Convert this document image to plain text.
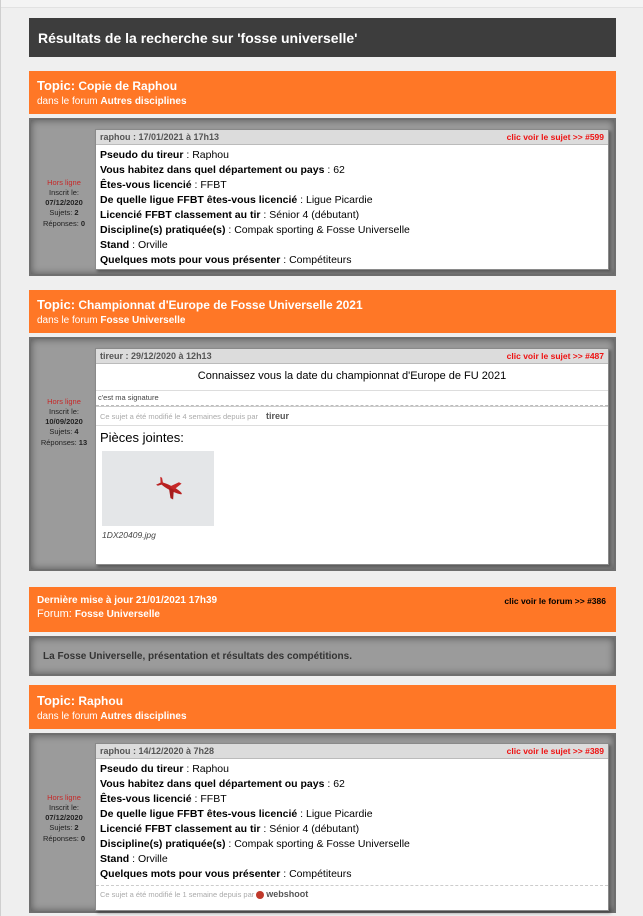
Résultats de la recherche sur 'fosse universelle'
Topic: Copie de Raphou
dans le forum Autres disciplines
Hors ligne
Inscrit le:
07/12/2020
Sujets: 2
Réponses: 0
raphou : 17/01/2021 à 17h13	clic voir le sujet >> #599
Pseudo du tireur : Raphou
Vous habitez dans quel département ou pays : 62
Êtes-vous licencié : FFBT
De quelle ligue FFBT êtes-vous licencié : Ligue Picardie
Licencié FFBT classement au tir : Sénior 4 (débutant)
Discipline(s) pratiquée(s) : Compak sporting & Fosse Universelle
Stand : Orville
Quelques mots pour vous présenter : Compétiteurs
Topic: Championnat d'Europe de Fosse Universelle 2021
dans le forum Fosse Universelle
Hors ligne
Inscrit le:
10/09/2020
Sujets: 4
Réponses: 13
tireur : 29/12/2020 à 12h13	clic voir le sujet >> #487
Connaissez vous la date du championnat d'Europe de FU 2021
c'est ma signature
Ce sujet a été modifié le 4 semaines depuis par tireur
Pièces jointes:
1DX20409.jpg
Dernière mise à jour 21/01/2021 17h39
Forum: Fosse Universelle
clic voir le forum >> #386
La Fosse Universelle, présentation et résultats des compétitions.
Topic: Raphou
dans le forum Autres disciplines
Hors ligne
Inscrit le:
07/12/2020
Sujets: 2
Réponses: 0
raphou : 14/12/2020 à 7h28	clic voir le sujet >> #389
Pseudo du tireur : Raphou
Vous habitez dans quel département ou pays : 62
Êtes-vous licencié : FFBT
De quelle ligue FFBT êtes-vous licencié : Ligue Picardie
Licencié FFBT classement au tir : Sénior 4 (débutant)
Discipline(s) pratiquée(s) : Compak sporting & Fosse Universelle
Stand : Orville
Quelques mots pour vous présenter : Compétiteurs
Ce sujet a été modifié le 1 semaine depuis par webshoot
